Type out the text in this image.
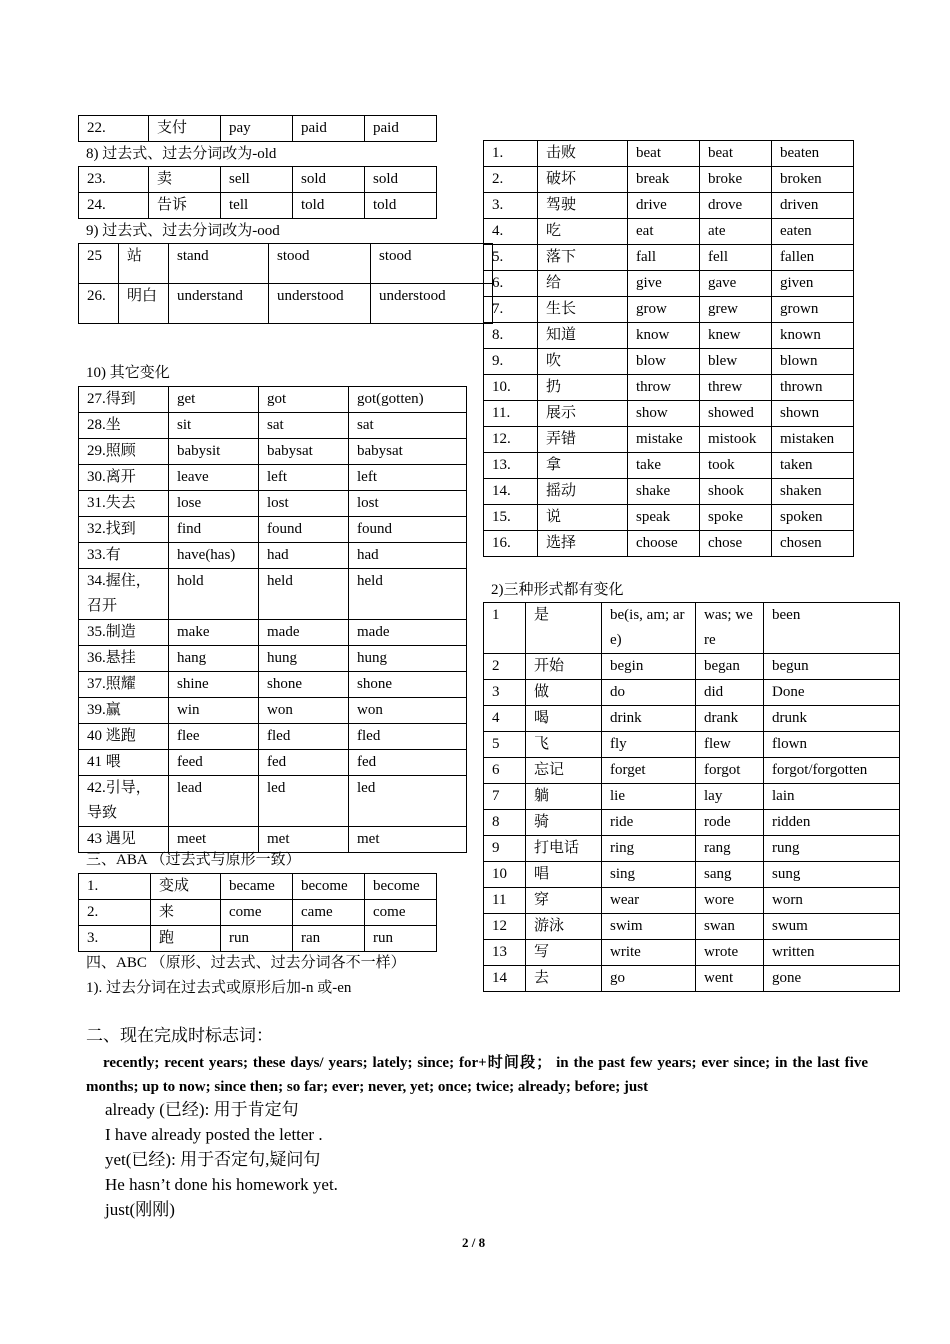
22.	支付	pay	paid	paid
8) 过去式、过去分词改为-old
23.	卖	sell	sold	sold
24.	告诉	tell	told	told
9) 过去式、过去分词改为-ood
25	站	stand	stood	stood
26.	明白	understand	understood	understood
10) 其它变化
27.得到	get	got	got(gotten)
28.坐	sit	sat	sat
29.照顾	babysit	babysat	babysat
30.离开	leave	left	left
31.失去	lose	lost	lost
32.找到	find	found	found
33.有	have(has)	had	had
34.握住，召开	hold	held	held
35.制造	make	made	made
36.悬挂	hang	hung	hung
37.照耀	shine	shone	shone
39.赢	win	won	won
40 逃跑	flee	fled	fled
41 喂	feed	fed	fed
42.引导，导致	lead	led	led
43 遇见	meet	met	met
三、ABA （过去式与原形一致）
1.	变成	became	become	become
2.	来	come	came	come
3.	跑	run	ran	run
四、ABC （原形、过去式、过去分词各不一样）
1). 过去分词在过去式或原形后加-n 或-en
1.	击败	beat	beat	beaten
2.	破坏	break	broke	broken
3.	驾驶	drive	drove	driven
4.	吃	eat	ate	eaten
5.	落下	fall	fell	fallen
6.	给	give	gave	given
7.	生长	grow	grew	grown
8.	知道	know	knew	known
9.	吹	blow	blew	blown
10.	扔	throw	threw	thrown
11.	展示	show	showed	shown
12.	弄错	mistake	mistook	mistaken
13.	拿	take	took	taken
14.	摇动	shake	shook	shaken
15.	说	speak	spoke	spoken
16.	选择	choose	chose	chosen
2)三种形式都有变化
1	是	be(is, am; are)	was; were	been
2	开始	begin	began	begun
3	做	do	did	Done
4	喝	drink	drank	drunk
5	飞	fly	flew	flown
6	忘记	forget	forgot	forgot/forgotten
7	躺	lie	lay	lain
8	骑	ride	rode	ridden
9	打电话	ring	rang	rung
10	唱	sing	sang	sung
11	穿	wear	wore	worn
12	游泳	swim	swan	swum
13	写	write	wrote	written
14	去	go	went	gone
二、现在完成时标志词：
recently; recent years; these days/ years; lately; since; for+时间段； in the past few years; ever since; in the last five months; up to now; since then; so far; ever; never, yet; once; twice; already; before; just
already (已经): 用于肯定句
I have already posted the letter .
yet(已经): 用于否定句,疑问句
He hasn’t done his homework yet.
just(刚刚)
2 / 8
